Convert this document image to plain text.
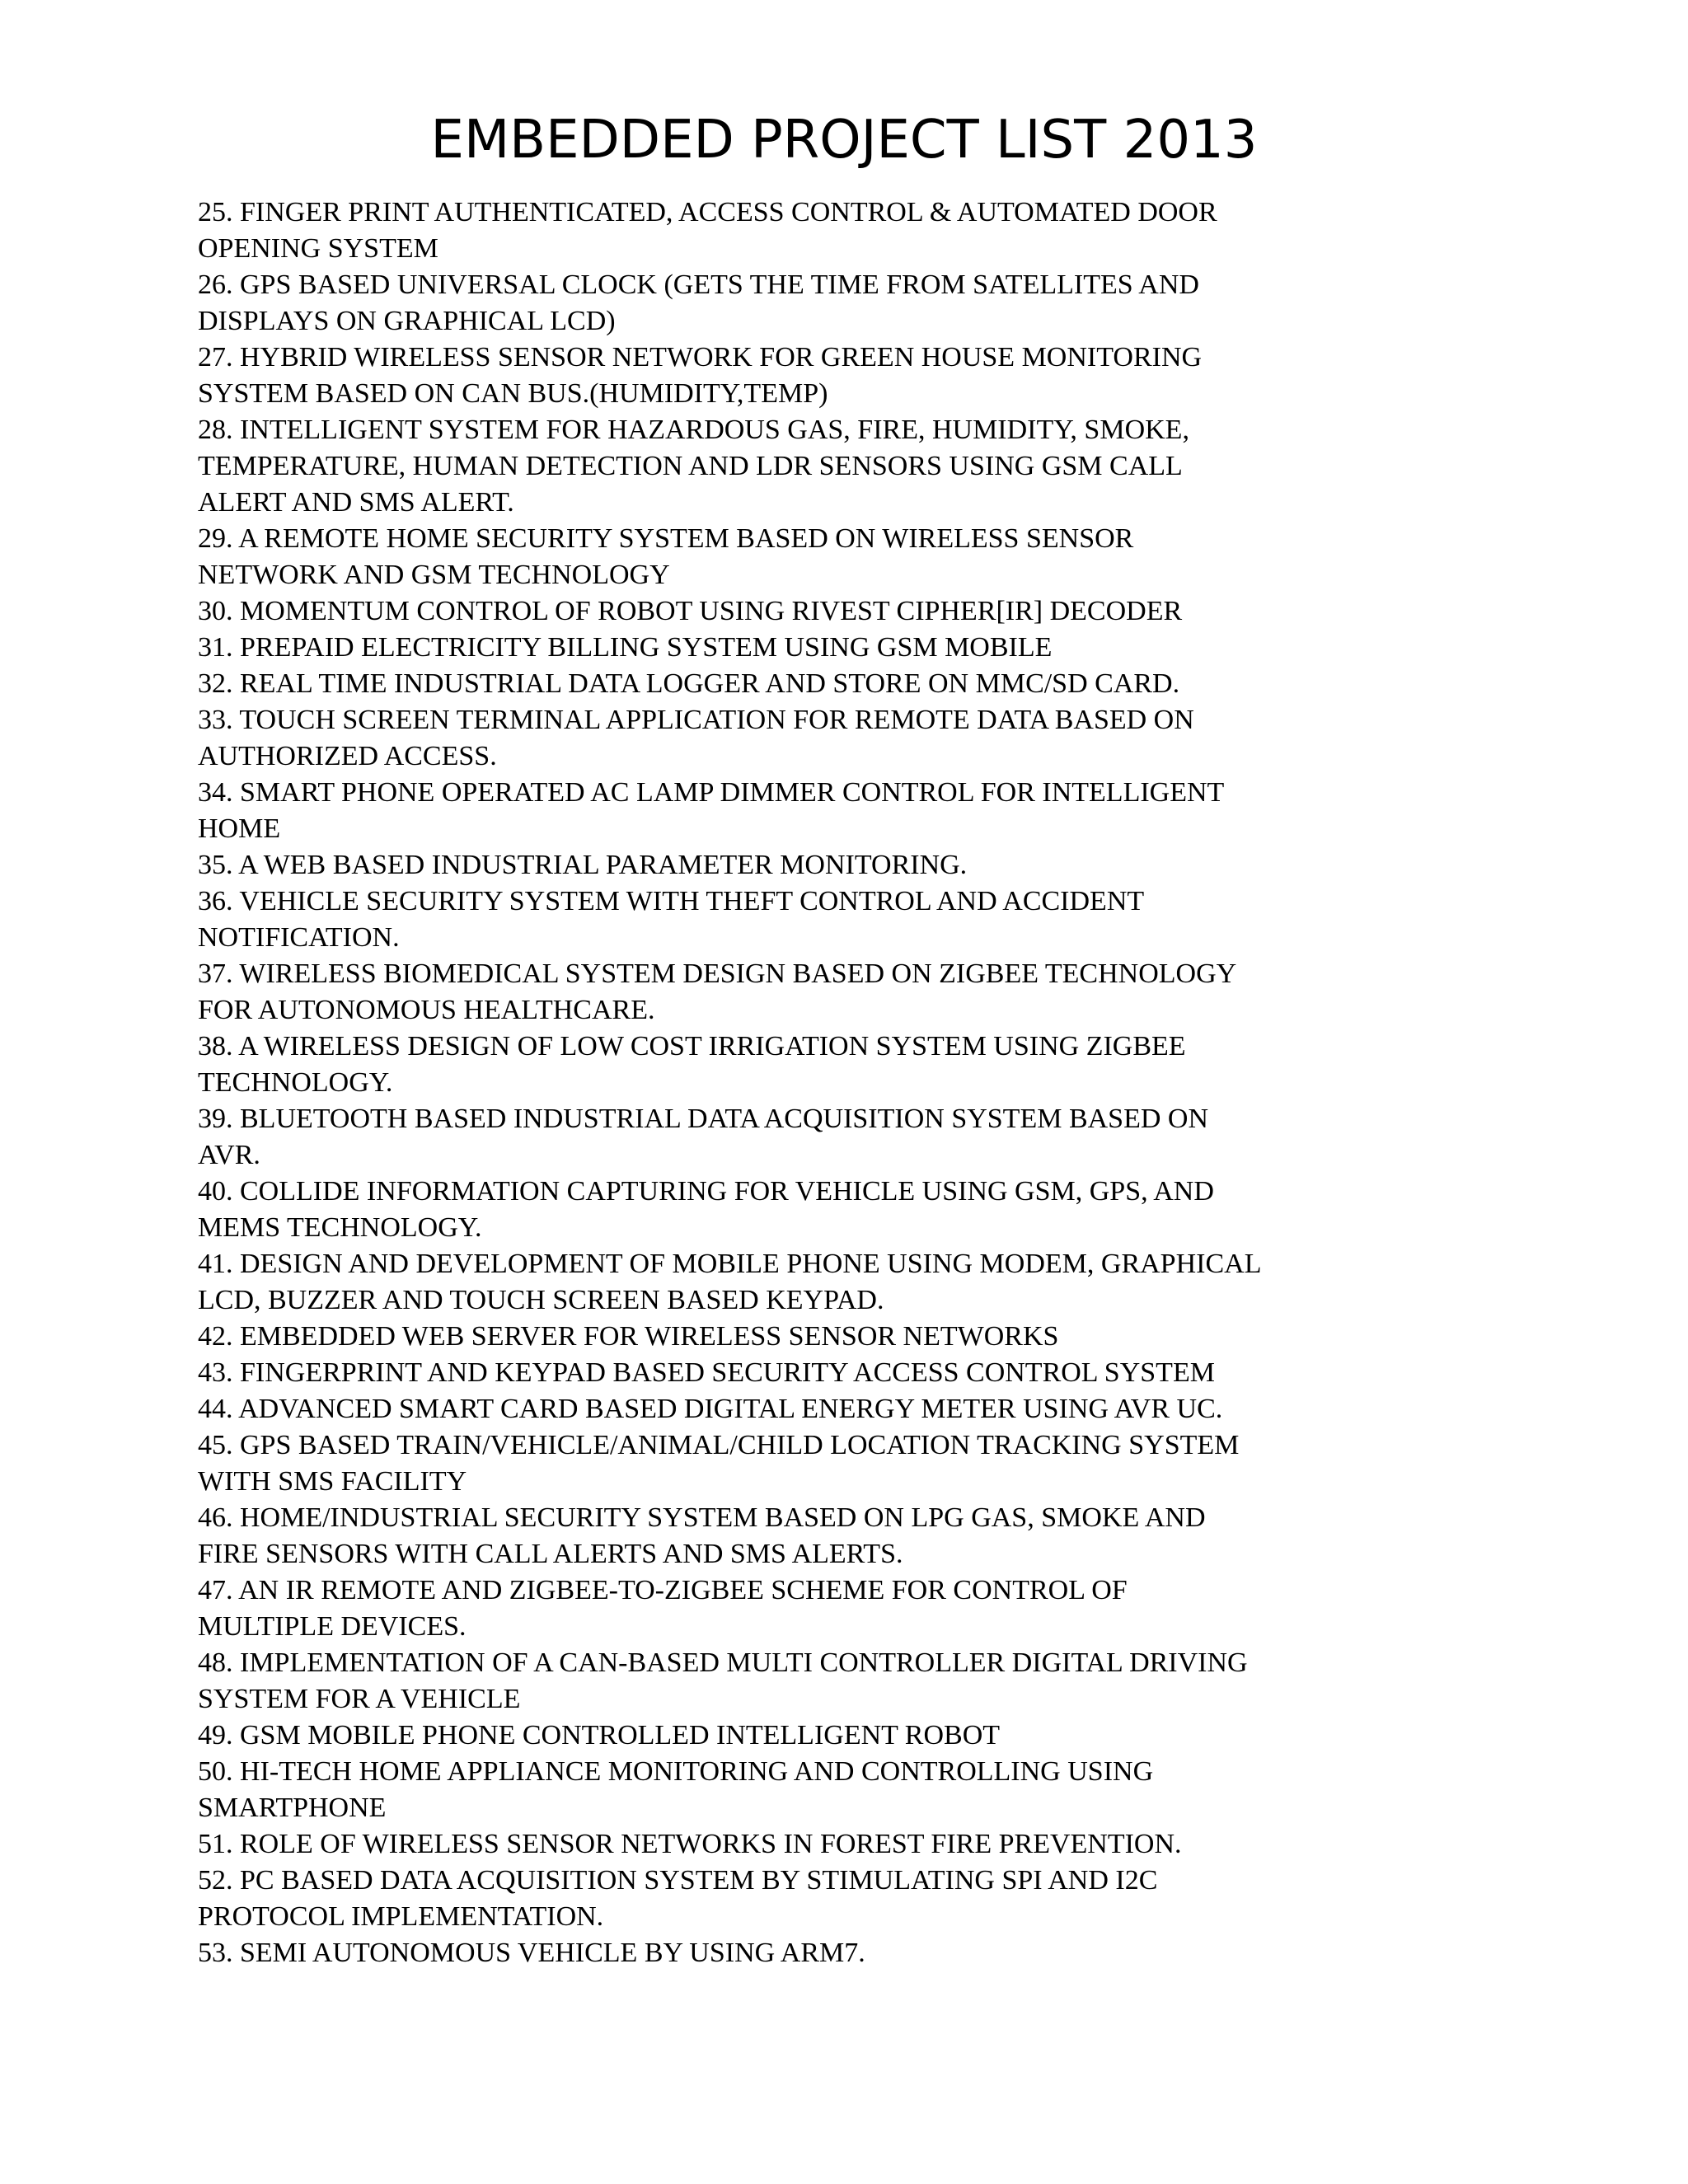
EMBEDDED PROJECT LIST 2013
25. FINGER PRINT AUTHENTICATED, ACCESS CONTROL & AUTOMATED DOOR
OPENING SYSTEM
26. GPS BASED UNIVERSAL CLOCK (GETS THE TIME FROM SATELLITES AND
DISPLAYS ON GRAPHICAL LCD)
27. HYBRID WIRELESS SENSOR NETWORK FOR GREEN HOUSE MONITORING
SYSTEM BASED ON CAN BUS.(HUMIDITY,TEMP)
28. INTELLIGENT SYSTEM FOR HAZARDOUS GAS, FIRE, HUMIDITY, SMOKE,
TEMPERATURE, HUMAN DETECTION AND LDR SENSORS USING GSM CALL
ALERT AND SMS ALERT.
29. A REMOTE HOME SECURITY SYSTEM BASED ON WIRELESS SENSOR
NETWORK AND GSM TECHNOLOGY
30. MOMENTUM CONTROL OF ROBOT USING RIVEST CIPHER[IR] DECODER
31. PREPAID ELECTRICITY BILLING SYSTEM USING GSM MOBILE
32. REAL TIME INDUSTRIAL DATA LOGGER AND STORE ON MMC/SD CARD.
33. TOUCH SCREEN TERMINAL APPLICATION FOR REMOTE DATA BASED ON
AUTHORIZED ACCESS.
34. SMART PHONE OPERATED AC LAMP DIMMER CONTROL FOR INTELLIGENT
HOME
35. A WEB BASED INDUSTRIAL PARAMETER MONITORING.
36. VEHICLE SECURITY SYSTEM WITH THEFT CONTROL AND ACCIDENT
NOTIFICATION.
37. WIRELESS BIOMEDICAL SYSTEM DESIGN BASED ON ZIGBEE TECHNOLOGY
FOR AUTONOMOUS HEALTHCARE.
38. A WIRELESS DESIGN OF LOW COST IRRIGATION SYSTEM USING ZIGBEE
TECHNOLOGY.
39. BLUETOOTH BASED INDUSTRIAL DATA ACQUISITION SYSTEM BASED ON
AVR.
40. COLLIDE INFORMATION CAPTURING FOR VEHICLE USING GSM, GPS, AND
MEMS TECHNOLOGY.
41. DESIGN AND DEVELOPMENT OF MOBILE PHONE USING MODEM, GRAPHICAL
LCD, BUZZER AND TOUCH SCREEN BASED KEYPAD.
42. EMBEDDED WEB SERVER FOR WIRELESS SENSOR NETWORKS
43. FINGERPRINT AND KEYPAD BASED SECURITY ACCESS CONTROL SYSTEM
44. ADVANCED SMART CARD BASED DIGITAL ENERGY METER USING AVR UC.
45. GPS BASED TRAIN/VEHICLE/ANIMAL/CHILD LOCATION TRACKING SYSTEM
WITH SMS FACILITY
46. HOME/INDUSTRIAL SECURITY SYSTEM BASED ON LPG GAS, SMOKE AND
FIRE SENSORS WITH CALL ALERTS AND SMS ALERTS.
47. AN IR REMOTE AND ZIGBEE-TO-ZIGBEE SCHEME FOR CONTROL OF
MULTIPLE DEVICES.
48. IMPLEMENTATION OF A CAN-BASED MULTI CONTROLLER DIGITAL DRIVING
SYSTEM FOR A VEHICLE
49. GSM MOBILE PHONE CONTROLLED INTELLIGENT ROBOT
50. HI-TECH HOME APPLIANCE MONITORING AND CONTROLLING USING
SMARTPHONE
51. ROLE OF WIRELESS SENSOR NETWORKS IN FOREST FIRE PREVENTION.
52. PC BASED DATA ACQUISITION SYSTEM BY STIMULATING SPI AND I2C
PROTOCOL IMPLEMENTATION.
53. SEMI AUTONOMOUS VEHICLE BY USING ARM7.
